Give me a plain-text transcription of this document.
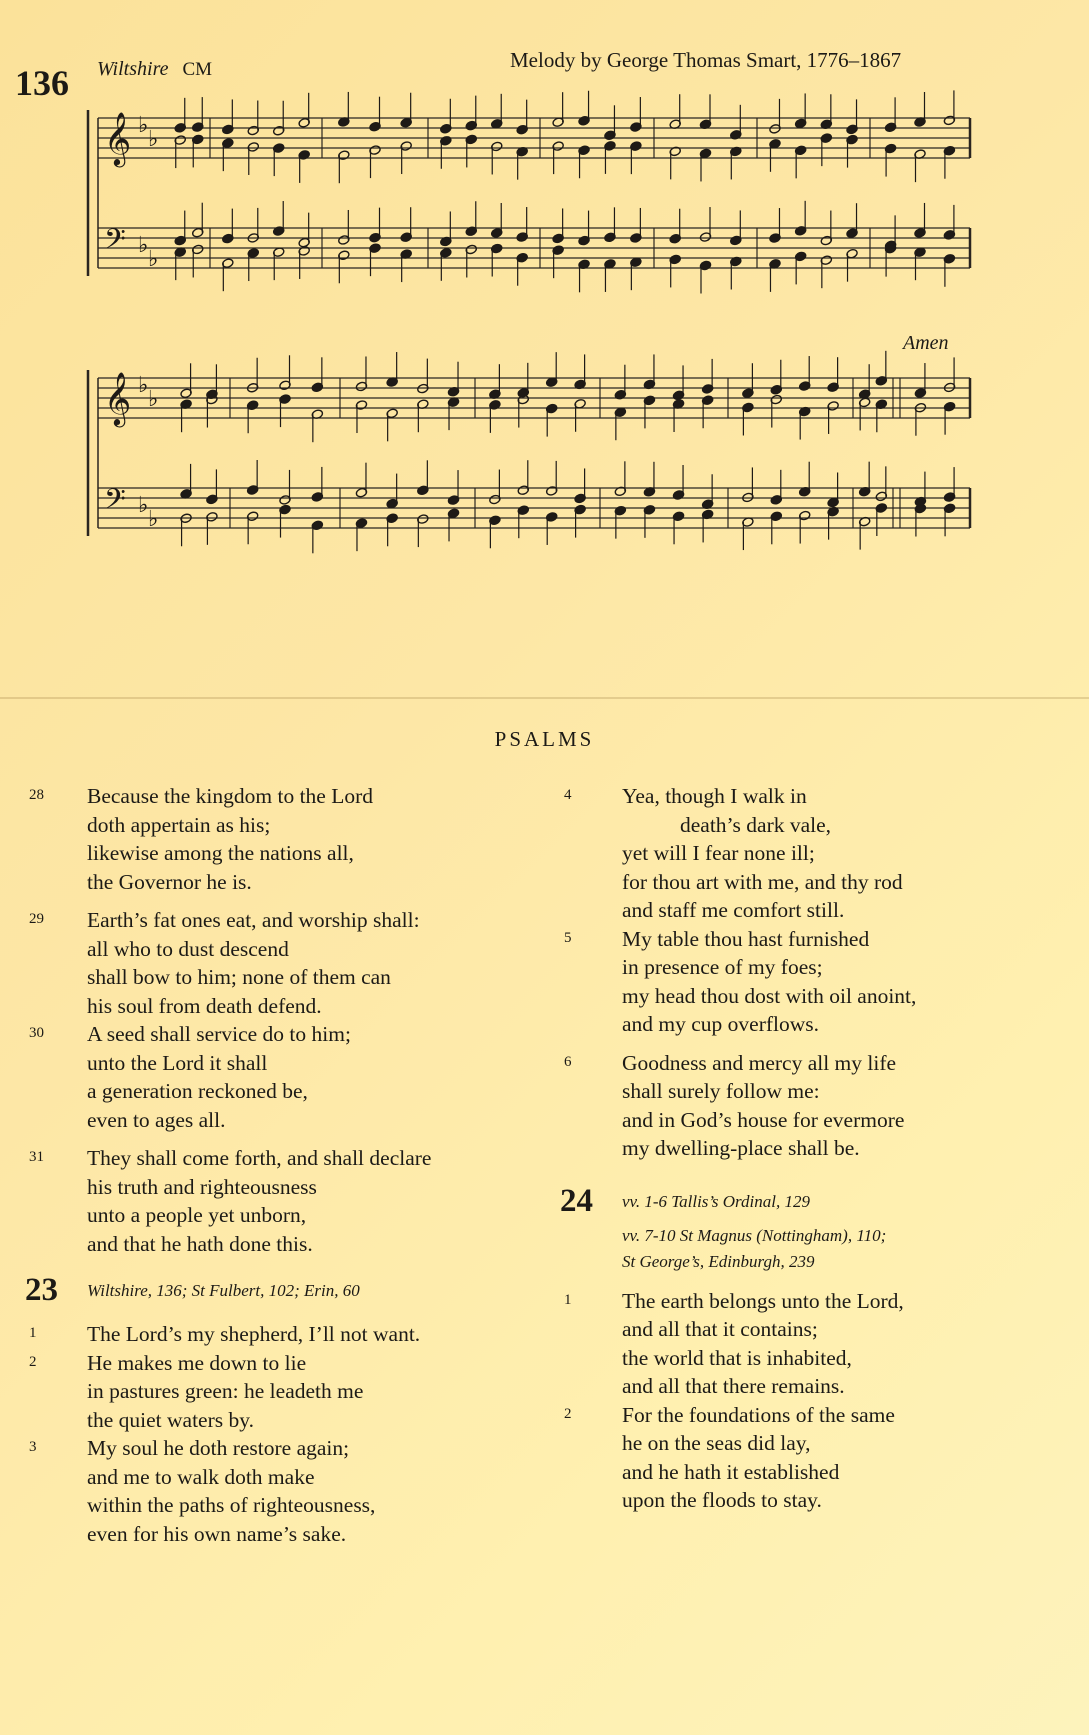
136 Wiltshire CM	Melody by George Thomas Smart, 1776–1867
Amen
𝄞 ♭
♭
𝄢 ♭
♭
𝄞 ♭
♭
𝄢 ♭
♭
PSALMS
28	Because the kingdom to the Lord
doth appertain as his;
likewise among the nations all,
the Governor he is.
29	Earth’s fat ones eat, and worship shall:
all who to dust descend
shall bow to him; none of them can
his soul from death defend.
30	A seed shall service do to him;
unto the Lord it shall
a generation reckoned be,
even to ages all.
31	They shall come forth, and shall declare
his truth and righteousness
unto a people yet unborn,
and that he hath done this.
23	Wiltshire, 136; St Fulbert, 102; Erin, 60
1	The Lord’s my shepherd, I’ll not want.
2	He makes me down to lie
in pastures green: he leadeth me
the quiet waters by.
3	My soul he doth restore again;
and me to walk doth make
within the paths of righteousness,
even for his own name’s sake.
4	Yea, though I walk in
death’s dark vale,
yet will I fear none ill;
for thou art with me, and thy rod
and staff me comfort still.
5	My table thou hast furnished
in presence of my foes;
my head thou dost with oil anoint,
and my cup overflows.
6	Goodness and mercy all my life
shall surely follow me:
and in God’s house for evermore
my dwelling-place shall be.
24	vv. 1-6 Tallis’s Ordinal, 129
vv. 7-10 St Magnus (Nottingham), 110;
St George’s, Edinburgh, 239
1	The earth belongs unto the Lord,
and all that it contains;
the world that is inhabited,
and all that there remains.
2	For the foundations of the same
he on the seas did lay,
and he hath it established
upon the floods to stay.
